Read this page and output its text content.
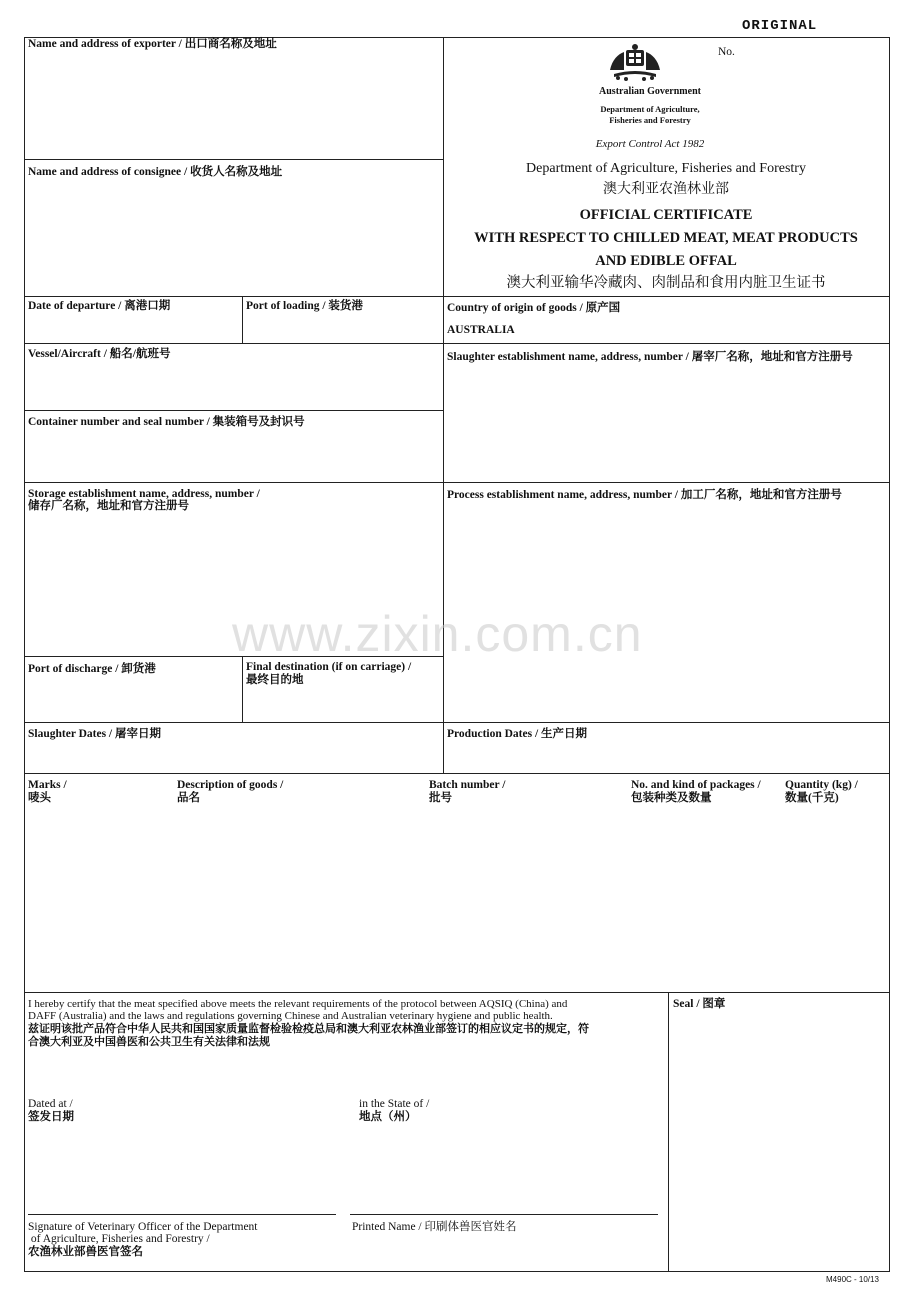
ORIGINAL
Name and address of exporter / 出口商名称及地址
Name and address of consignee / 收货人名称及地址
Date of departure / 离港口期	Port of loading / 装货港
Vessel/Aircraft / 船名/航班号
Container number and seal number / 集装箱号及封识号
Storage establishment name, address, number /
储存厂名称，地址和官方注册号
Port of discharge / 卸货港	Final destination (if on carriage) /
最终目的地
Slaughter Dates / 屠宰日期
No.
Australian Government
Department of Agriculture,
Fisheries and Forestry
Export Control Act 1982
Department of Agriculture, Fisheries and Forestry
澳大利亚农渔林业部
OFFICIAL CERTIFICATE
WITH RESPECT TO CHILLED MEAT, MEAT PRODUCTS
AND EDIBLE OFFAL
澳大利亚输华冷藏肉、肉制品和食用内脏卫生证书
Country of origin of goods / 原产国
AUSTRALIA
Slaughter establishment name, address, number / 屠宰厂名称，地址和官方注册号
Process establishment name, address, number / 加工厂名称，地址和官方注册号
Production Dates / 生产日期
Marks /
唛头
Description of goods /
品名
Batch number /
批号
No. and kind of packages /
包装种类及数量
Quantity (kg) /
数量(千克)
I hereby certify that the meat specified above meets the relevant requirements of the protocol between AQSIQ (China) and
DAFF (Australia) and the laws and regulations governing Chinese and Australian veterinary hygiene and public health.
兹证明该批产品符合中华人民共和国国家质量监督检验检疫总局和澳大利亚农林渔业部签订的相应议定书的规定，符
合澳大利亚及中国兽医和公共卫生有关法律和法规
Seal / 图章
Dated at /
签发日期
in the State of /
地点（州）
Signature of Veterinary Officer of the Department
of Agriculture, Fisheries and Forestry /
农渔林业部兽医官签名
Printed Name / 印刷体兽医官姓名
M490C - 10/13
www.zixin.com.cn
